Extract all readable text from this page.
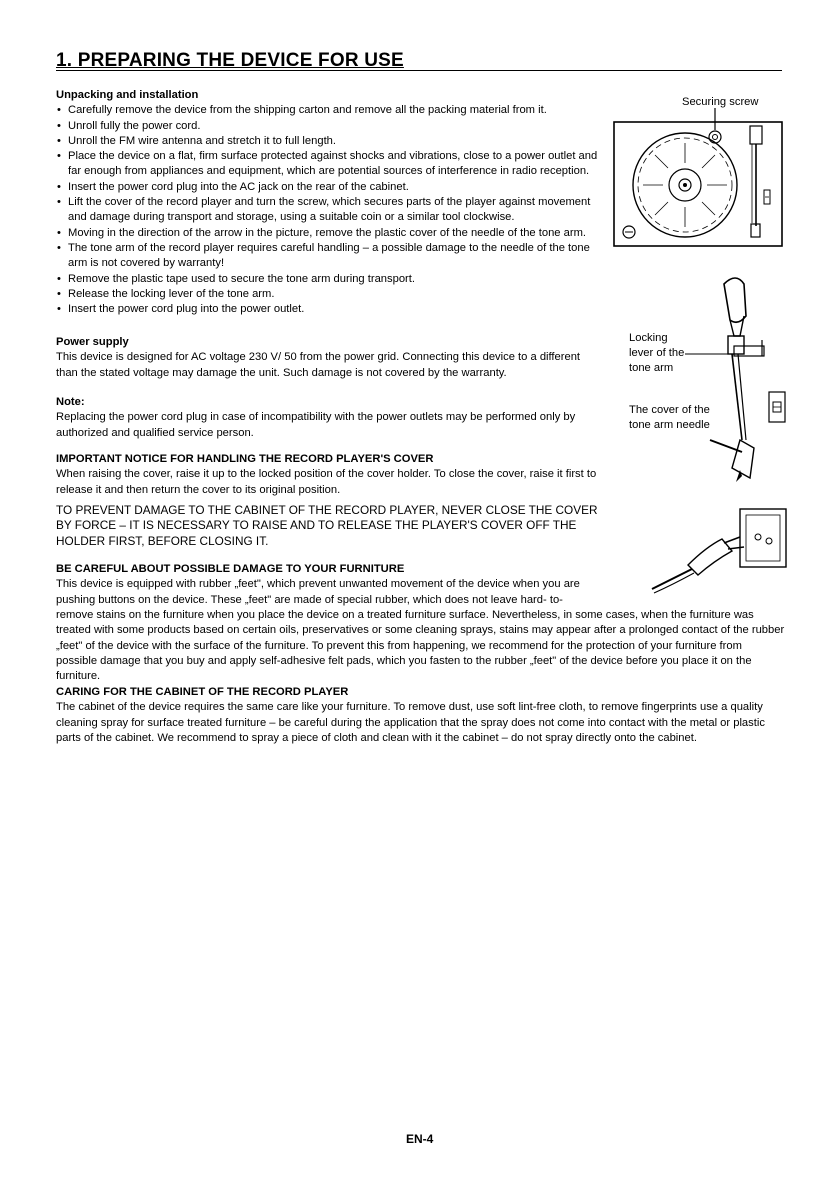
1. PREPARING THE DEVICE FOR USE
Unpacking and installation
• Carefully remove the device from the shipping carton and remove all the packing material from it.
• Unroll fully the power cord.
• Unroll the FM wire antenna and stretch it to full length.
• Place the device on a flat, firm surface protected against shocks and vibrations, close to a power outlet and far enough from appliances and equipment, which are potential sources of interference in radio reception.
• Insert the power cord plug into the AC jack on the rear of the cabinet.
• Lift the cover of the record player and turn the screw, which secures parts of the player against movement and damage during transport and storage, using a suitable coin or a similar tool clockwise.
• Moving in the direction of the arrow in the picture, remove the plastic cover of the needle of the tone arm.
• The tone arm of the record player requires careful handling – a possible damage to the needle of the tone arm is not covered by warranty!
• Remove the plastic tape used to secure the tone arm during transport.
• Release the locking lever of the tone arm.
• Insert the power cord plug into the power outlet.
Power supply

This device is designed for AC voltage 230 V/ 50 from the power grid. Connecting this device to a different than the stated voltage may damage the unit. Such damage is not covered by the warranty.

Note:

Replacing the power cord plug in case of incompatibility with the power outlets may be performed only by authorized and qualified service person.

IMPORTANT NOTICE FOR HANDLING THE RECORD PLAYER'S COVER

When raising the cover, raise it up to the locked position of the cover holder. To close the cover, raise it first to release it and then return the cover to its original position.

TO PREVENT DAMAGE TO THE CABINET OF THE RECORD PLAYER, NEVER CLOSE THE COVER BY FORCE – IT IS NECESSARY TO RAISE AND TO RELEASE THE PLAYER'S COVER OFF THE HOLDER FIRST, BEFORE CLOSING IT.

BE CAREFUL ABOUT POSSIBLE DAMAGE TO YOUR FURNITURE

This device is equipped with rubber „feet", which prevent unwanted movement of the device when you are pushing buttons on the device. These „feet" are made of special rubber, which does not leave hard- to-

remove stains on the furniture when you place the device on a treated furniture surface. Nevertheless, in some cases, when the furniture was treated with some products based on certain oils, preservatives or some cleaning sprays, stains may appear after a prolonged contact of the rubber „feet" of the device with the surface of the furniture. To prevent this from happening, we recommend for the protection of your furniture from possible damage that you buy and apply self-adhesive felt pads, which you fasten to the rubber „feet" of the device before you place it on the furniture.

CARING FOR THE CABINET OF THE RECORD PLAYER

The cabinet of the device requires the same care like your furniture. To remove dust, use soft lint-free cloth, to remove fingerprints use a quality cleaning spray for surface treated furniture – be careful during the application that the spray does not come into contact with the metal or plastic parts of the cabinet. We recommend to spray a piece of cloth and clean with it the cabinet – do not spray directly onto the cabinet.

Securing screw
Locking
lever of the
tone arm
The cover of the
tone arm needle
EN-4
